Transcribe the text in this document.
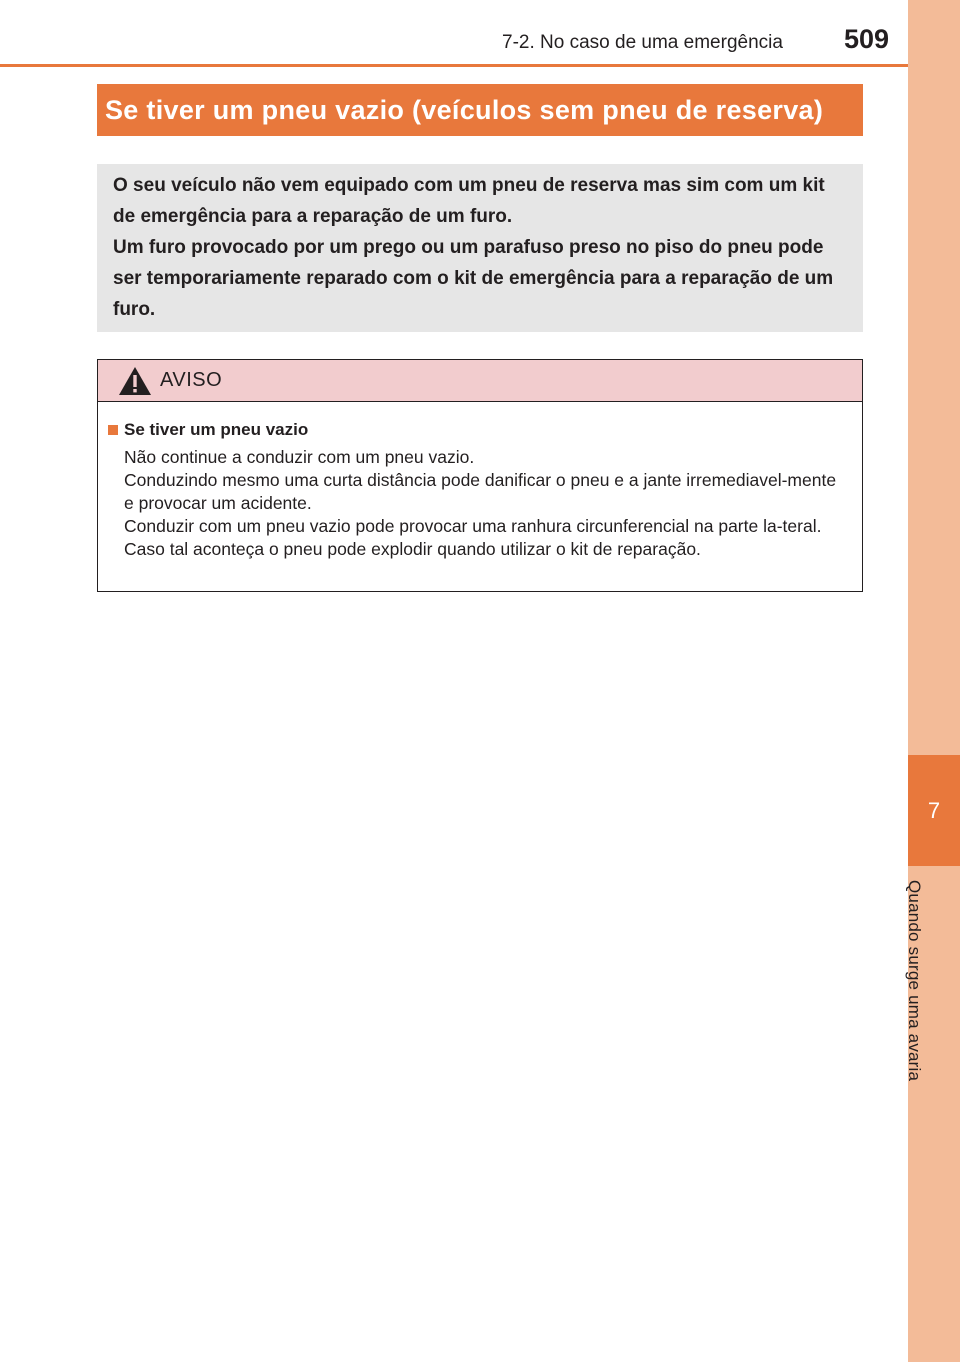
7
Quando surge uma avaria
7-2. No caso de uma emergência 509
Se tiver um pneu vazio (veículos sem pneu de reserva)

O seu veículo não vem equipado com um pneu de reserva mas sim com um kit de emergência para a reparação de um furo.

Um furo provocado por um prego ou um parafuso preso no piso do pneu pode ser temporariamente reparado com o kit de emergência para a reparação de um furo.

AVISO
Se tiver um pneu vazio

Não continue a conduzir com um pneu vazio.

Conduzindo mesmo uma curta distância pode danificar o pneu e a jante irremediavel-mente e provocar um acidente.

Conduzir com um pneu vazio pode provocar uma ranhura circunferencial na parte la-teral. Caso tal aconteça o pneu pode explodir quando utilizar o kit de reparação.
